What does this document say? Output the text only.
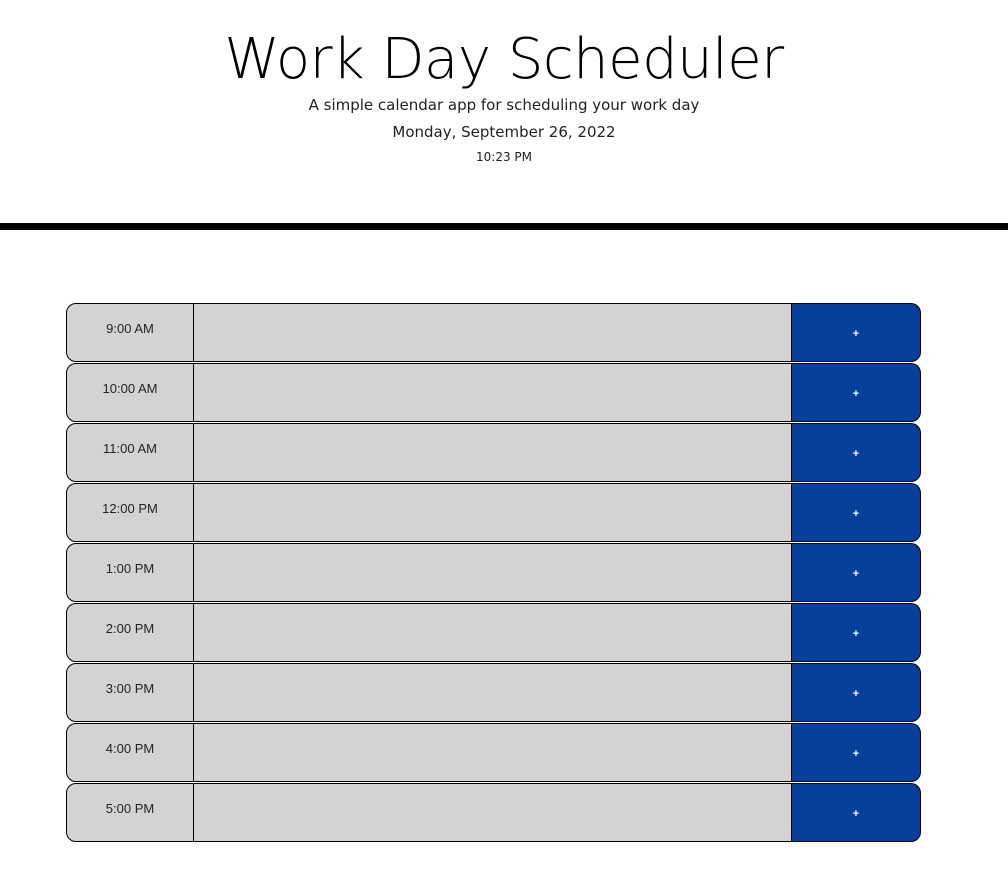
Work Day Scheduler

A simple calendar app for scheduling your work day

Monday, September 26, 2022

10:23 PM

9:00 AM	+
10:00 AM	+
11:00 AM	+
12:00 PM	+
1:00 PM	+
2:00 PM	+
3:00 PM	+
4:00 PM	+
5:00 PM	+
